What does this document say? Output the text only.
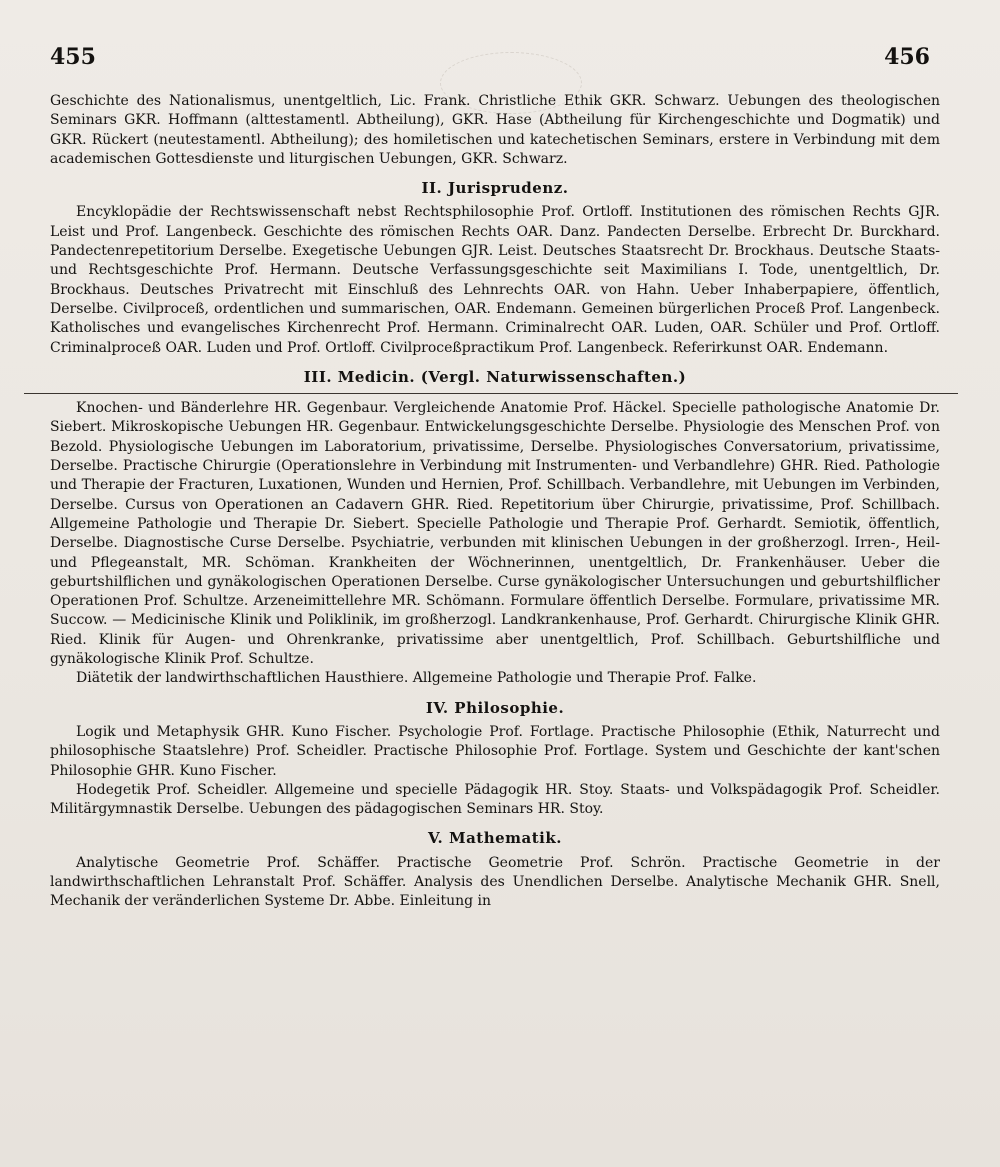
455	456

Geschichte des Nationalismus, unentgeltlich, Lic. Frank. Christliche Ethik GKR. Schwarz. Uebungen des theologischen Seminars GKR. Hoffmann (alttestamentl. Abtheilung), GKR. Hase (Abtheilung für Kirchengeschichte und Dogmatik) und GKR. Rückert (neutestamentl. Abtheilung); des homiletischen und katechetischen Seminars, erstere in Verbindung mit dem academischen Gottesdienste und liturgischen Uebungen, GKR. Schwarz.

II. Jurisprudenz.

Encyklopädie der Rechtswissenschaft nebst Rechtsphilosophie Prof. Ortloff. Institutionen des römischen Rechts GJR. Leist und Prof. Langenbeck. Geschichte des römischen Rechts OAR. Danz. Pandecten Derselbe. Erbrecht Dr. Burckhard. Pandectenrepetitorium Derselbe. Exegetische Uebungen GJR. Leist. Deutsches Staatsrecht Dr. Brockhaus. Deutsche Staats- und Rechtsgeschichte Prof. Hermann. Deutsche Verfassungsgeschichte seit Maximilians I. Tode, unentgeltlich, Dr. Brockhaus. Deutsches Privatrecht mit Einschluß des Lehnrechts OAR. von Hahn. Ueber Inhaberpapiere, öffentlich, Derselbe. Civilproceß, ordentlichen und summarischen, OAR. Endemann. Gemeinen bürgerlichen Proceß Prof. Langenbeck. Katholisches und evangelisches Kirchenrecht Prof. Hermann. Criminalrecht OAR. Luden, OAR. Schüler und Prof. Ortloff. Criminalproceß OAR. Luden und Prof. Ortloff. Civilproceßpractikum Prof. Langenbeck. Referirkunst OAR. Endemann.

III. Medicin. (Vergl. Naturwissenschaften.)

Knochen- und Bänderlehre HR. Gegenbaur. Vergleichende Anatomie Prof. Häckel. Specielle pathologische Anatomie Dr. Siebert. Mikroskopische Uebungen HR. Gegenbaur. Entwickelungsgeschichte Derselbe. Physiologie des Menschen Prof. von Bezold. Physiologische Uebungen im Laboratorium, privatissime, Derselbe. Physiologisches Conversatorium, privatissime, Derselbe. Practische Chirurgie (Operationslehre in Verbindung mit Instrumenten- und Verbandlehre) GHR. Ried. Pathologie und Therapie der Fracturen, Luxationen, Wunden und Hernien, Prof. Schillbach. Verbandlehre, mit Uebungen im Verbinden, Derselbe. Cursus von Operationen an Cadavern GHR. Ried. Repetitorium über Chirurgie, privatissime, Prof. Schillbach. Allgemeine Pathologie und Therapie Dr. Siebert. Specielle Pathologie und Therapie Prof. Gerhardt. Semiotik, öffentlich, Derselbe. Diagnostische Curse Derselbe. Psychiatrie, verbunden mit klinischen Uebungen in der großherzogl. Irren-, Heil- und Pflegeanstalt, MR. Schöman. Krankheiten der Wöchnerinnen, unentgeltlich, Dr. Frankenhäuser. Ueber die geburtshilflichen und gynäkologischen Operationen Derselbe. Curse gynäkologischer Untersuchungen und geburtshilflicher Operationen Prof. Schultze. Arzeneimittellehre MR. Schömann. Formulare öffentlich Derselbe. Formulare, privatissime MR. Succow. — Medicinische Klinik und Poliklinik, im großherzogl. Landkrankenhause, Prof. Gerhardt. Chirurgische Klinik GHR. Ried. Klinik für Augen- und Ohrenkranke, privatissime aber unentgeltlich, Prof. Schillbach. Geburtshilfliche und gynäkologische Klinik Prof. Schultze.

Diätetik der landwirthschaftlichen Hausthiere. Allgemeine Pathologie und Therapie Prof. Falke.

IV. Philosophie.

Logik und Metaphysik GHR. Kuno Fischer. Psychologie Prof. Fortlage. Practische Philosophie (Ethik, Naturrecht und philosophische Staatslehre) Prof. Scheidler. Practische Philosophie Prof. Fortlage. System und Geschichte der kant'schen Philosophie GHR. Kuno Fischer.

Hodegetik Prof. Scheidler. Allgemeine und specielle Pädagogik HR. Stoy. Staats- und Volkspädagogik Prof. Scheidler. Militärgymnastik Derselbe. Uebungen des pädagogischen Seminars HR. Stoy.

V. Mathematik.

Analytische Geometrie Prof. Schäffer. Practische Geometrie Prof. Schrön. Practische Geometrie in der landwirthschaftlichen Lehranstalt Prof. Schäffer. Analysis des Unendlichen Derselbe. Analytische Mechanik GHR. Snell, Mechanik der veränderlichen Systeme Dr. Abbe. Einleitung in
